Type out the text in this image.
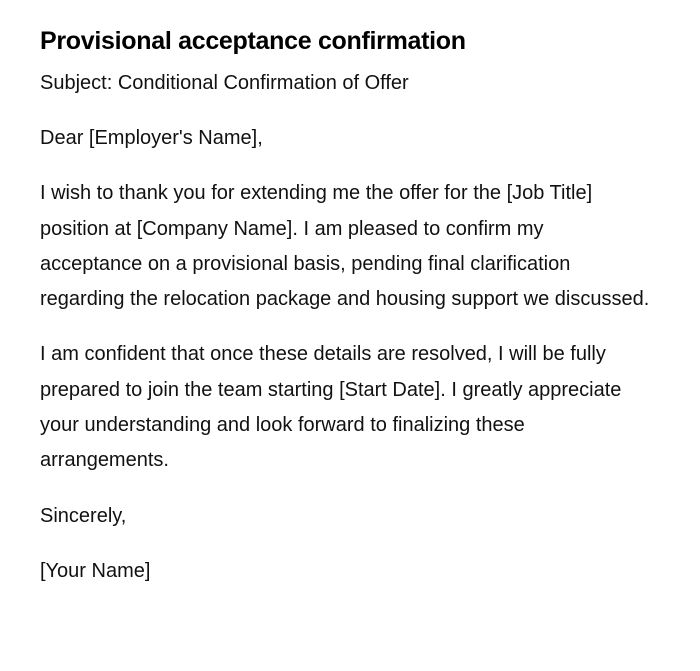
Provisional acceptance confirmation

Subject: Conditional Confirmation of Offer

Dear [Employer's Name],

I wish to thank you for extending me the offer for the [Job Title] position at [Company Name]. I am pleased to confirm my acceptance on a provisional basis, pending final clarification regarding the relocation package and housing support we discussed.

I am confident that once these details are resolved, I will be fully prepared to join the team starting [Start Date]. I greatly appreciate your understanding and look forward to finalizing these arrangements.

Sincerely,

[Your Name]
